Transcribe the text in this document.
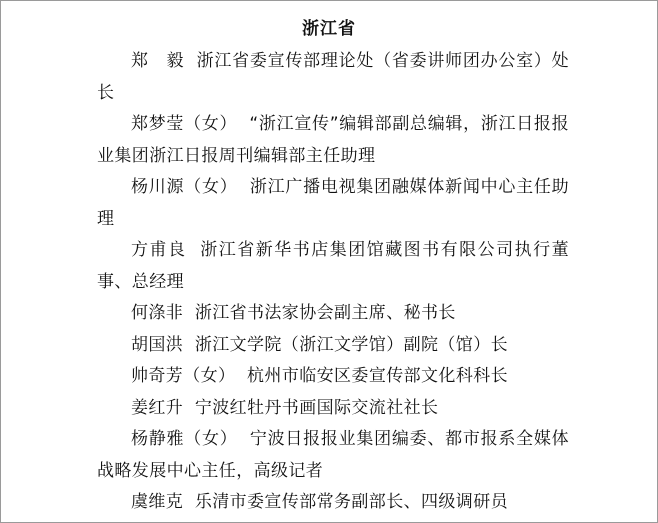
浙江省

郑　毅 浙江省委宣传部理论处（省委讲师团办公室）处长

郑梦莹（女） “浙江宣传”编辑部副总编辑，浙江日报报业集团浙江日报周刊编辑部主任助理

杨川源（女） 浙江广播电视集团融媒体新闻中心主任助理

方甫良 浙江省新华书店集团馆藏图书有限公司执行董事、总经理

何涤非 浙江省书法家协会副主席、秘书长

胡国洪 浙江文学院（浙江文学馆）副院（馆）长

帅奇芳（女） 杭州市临安区委宣传部文化科科长

姜红升 宁波红牡丹书画国际交流社社长

杨静雅（女） 宁波日报报业集团编委、都市报系全媒体战略发展中心主任，高级记者

虞维克 乐清市委宣传部常务副部长、四级调研员
